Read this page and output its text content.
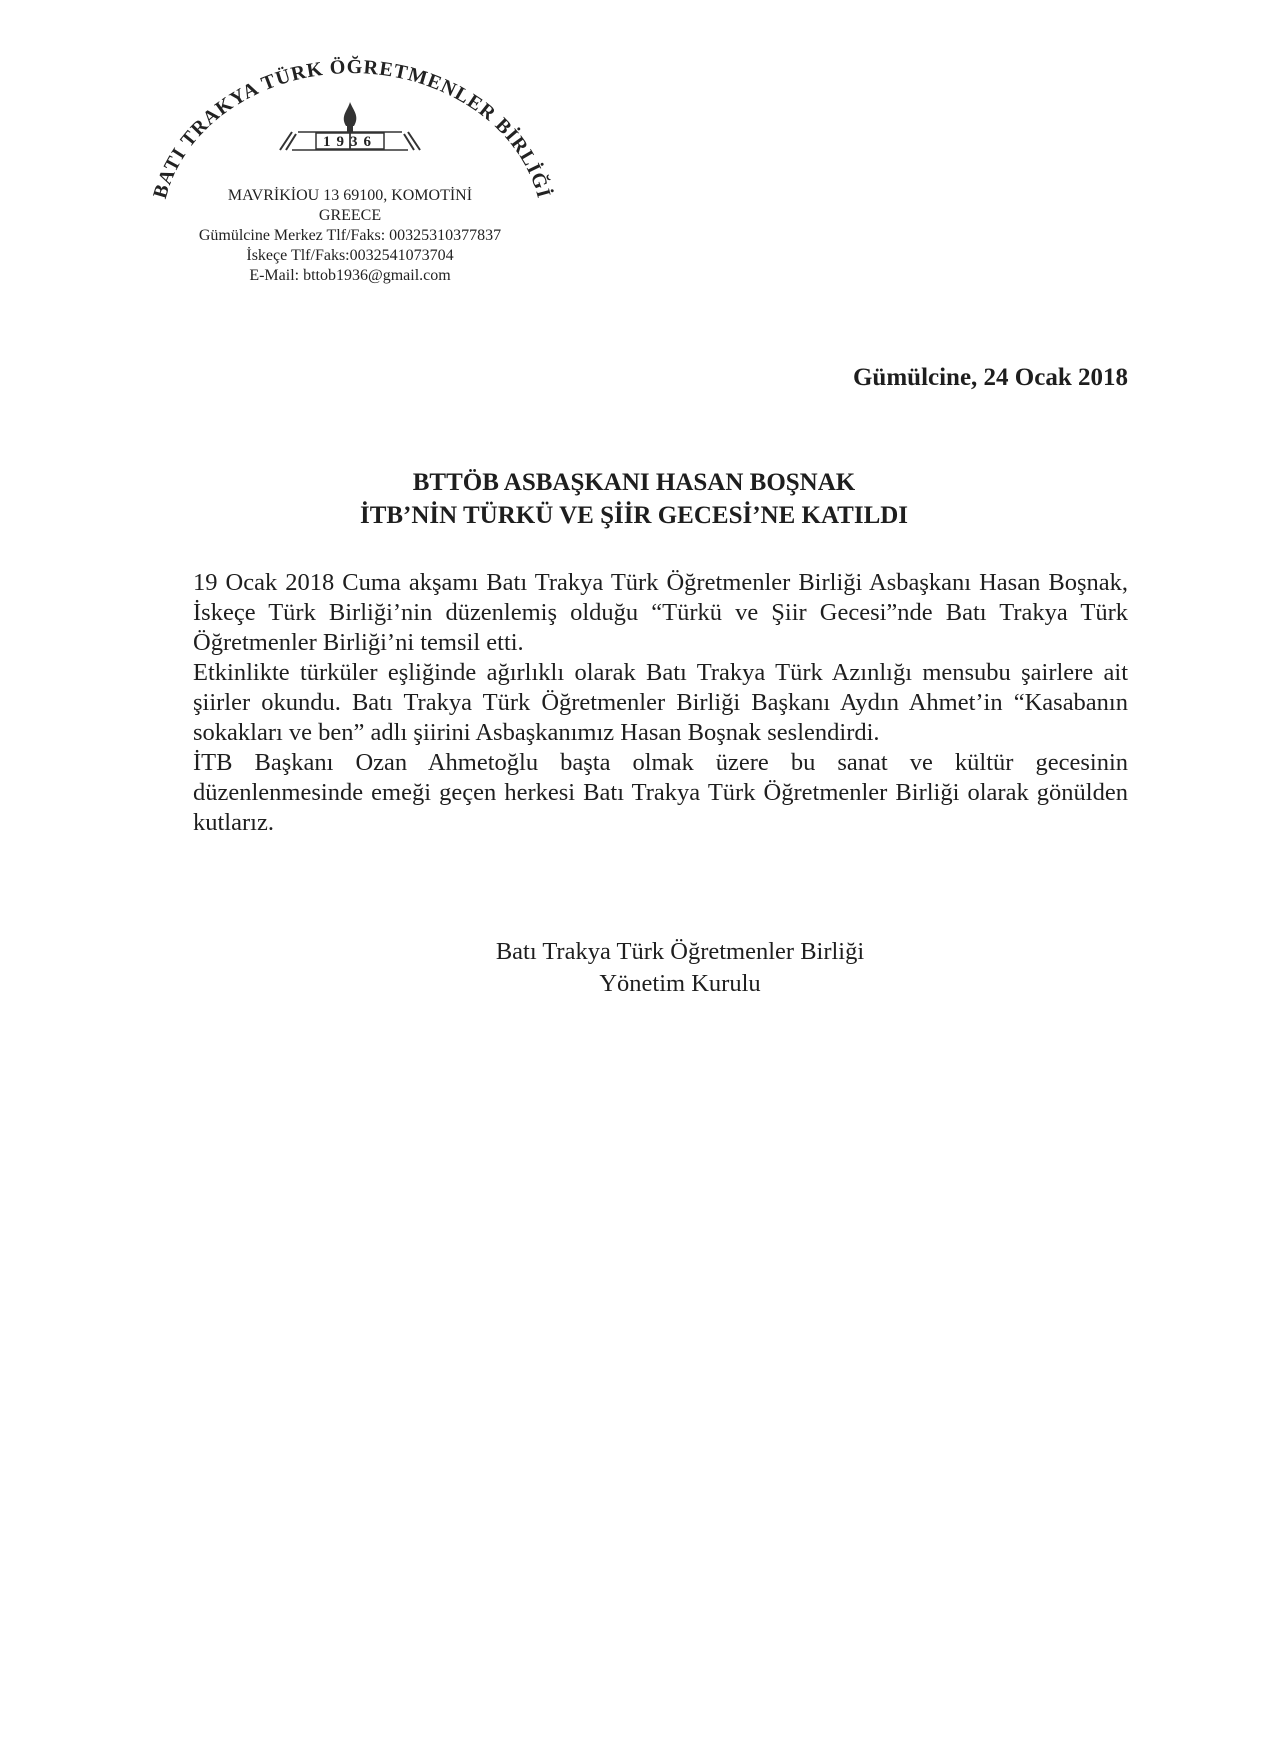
BATI TRAKYA TÜRK ÖĞRETMENLER BİRLİĞİ
1936
MAVRİKİOU 13 69100, KOMOTİNİ
GREECE
Gümülcine Merkez Tlf/Faks: 00325310377837
İskeçe Tlf/Faks:0032541073704
E-Mail: bttob1936@gmail.com
Gümülcine, 24 Ocak 2018
BTTÖB ASBAŞKANI HASAN BOŞNAK
İTB’NİN TÜRKÜ VE ŞİİR GECESİ’NE KATILDI

19 Ocak 2018 Cuma akşamı Batı Trakya Türk Öğretmenler Birliği Asbaşkanı Hasan Boşnak, İskeçe Türk Birliği’nin düzenlemiş olduğu “Türkü ve Şiir Gecesi”nde Batı Trakya Türk Öğretmenler Birliği’ni temsil etti.

Etkinlikte türküler eşliğinde ağırlıklı olarak Batı Trakya Türk Azınlığı mensubu şairlere ait şiirler okundu. Batı Trakya Türk Öğretmenler Birliği Başkanı Aydın Ahmet’in “Kasabanın sokakları ve ben” adlı şiirini Asbaşkanımız Hasan Boşnak seslendirdi.

İTB Başkanı Ozan Ahmetoğlu başta olmak üzere bu sanat ve kültür gecesinin düzenlenmesinde emeği geçen herkesi Batı Trakya Türk Öğretmenler Birliği olarak gönülden kutlarız.

Batı Trakya Türk Öğretmenler Birliği
Yönetim Kurulu
